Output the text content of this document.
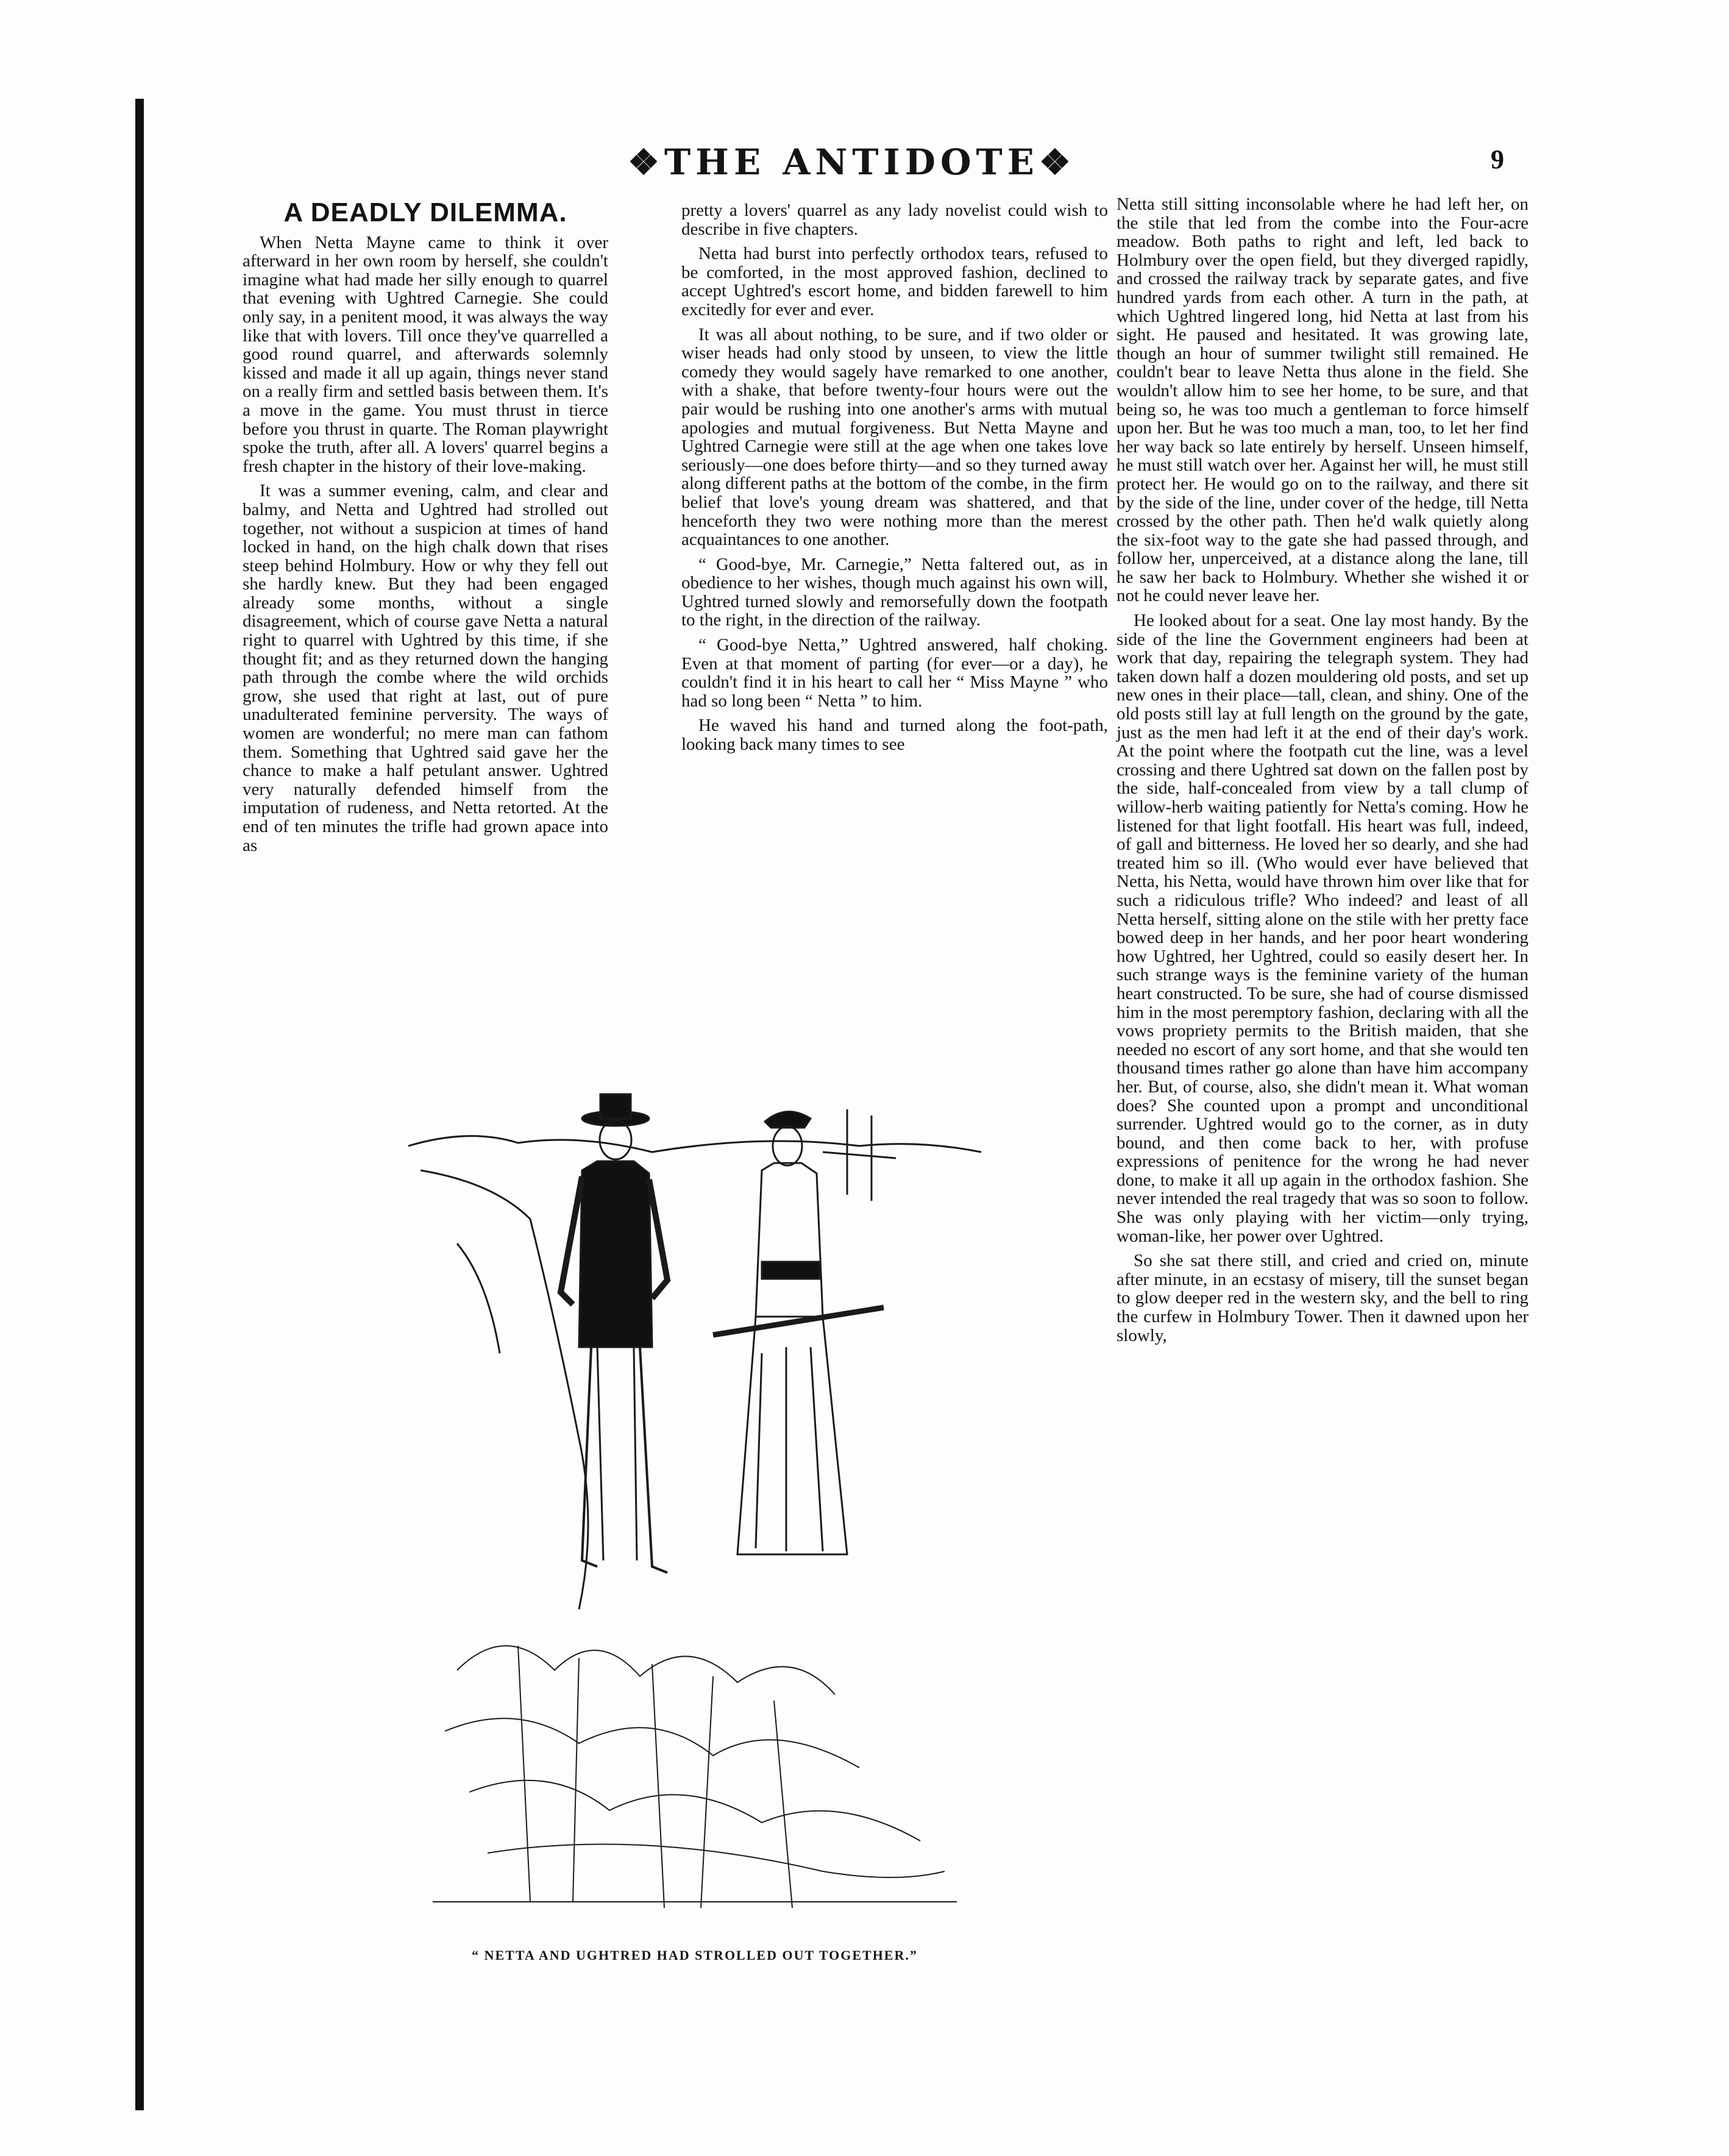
❖THE ANTIDOTE❖	9
A DEADLY DILEMMA.

When Netta Mayne came to think it over afterward in her own room by herself, she couldn't imagine what had made her silly enough to quarrel that evening with Ughtred Carnegie. She could only say, in a penitent mood, it was always the way like that with lovers. Till once they've quarrelled a good round quarrel, and afterwards solemnly kissed and made it all up again, things never stand on a really firm and settled basis between them. It's a move in the game. You must thrust in tierce before you thrust in quarte. The Roman playwright spoke the truth, after all. A lovers' quarrel begins a fresh chapter in the history of their love-making.

It was a summer evening, calm, and clear and balmy, and Netta and Ughtred had strolled out together, not without a suspicion at times of hand locked in hand, on the high chalk down that rises steep behind Holmbury. How or why they fell out she hardly knew. But they had been engaged already some months, without a single disagreement, which of course gave Netta a natural right to quarrel with Ughtred by this time, if she thought fit; and as they returned down the hanging path through the combe where the wild orchids grow, she used that right at last, out of pure unadulterated feminine perversity. The ways of women are wonderful; no mere man can fathom them. Something that Ughtred said gave her the chance to make a half petulant answer. Ughtred very naturally defended himself from the imputation of rudeness, and Netta retorted. At the end of ten minutes the trifle had grown apace into as

pretty a lovers' quarrel as any lady novelist could wish to describe in five chapters.

Netta had burst into perfectly orthodox tears, refused to be comforted, in the most approved fashion, declined to accept Ughtred's escort home, and bidden farewell to him excitedly for ever and ever.

It was all about nothing, to be sure, and if two older or wiser heads had only stood by unseen, to view the little comedy they would sagely have remarked to one another, with a shake, that before twenty-four hours were out the pair would be rushing into one another's arms with mutual apologies and mutual forgiveness. But Netta Mayne and Ughtred Carnegie were still at the age when one takes love seriously—one does before thirty—and so they turned away along different paths at the bottom of the combe, in the firm belief that love's young dream was shattered, and that henceforth they two were nothing more than the merest acquaintances to one another.

“ Good-bye, Mr. Carnegie,” Netta faltered out, as in obedience to her wishes, though much against his own will, Ughtred turned slowly and remorsefully down the footpath to the right, in the direction of the railway.

“ Good-bye Netta,” Ughtred answered, half choking. Even at that moment of parting (for ever—or a day), he couldn't find it in his heart to call her “ Miss Mayne ” who had so long been “ Netta ” to him.

He waved his hand and turned along the foot-path, looking back many times to see

Netta still sitting inconsolable where he had left her, on the stile that led from the combe into the Four-acre meadow. Both paths to right and left, led back to Holmbury over the open field, but they diverged rapidly, and crossed the railway track by separate gates, and five hundred yards from each other. A turn in the path, at which Ughtred lingered long, hid Netta at last from his sight. He paused and hesitated. It was growing late, though an hour of summer twilight still remained. He couldn't bear to leave Netta thus alone in the field. She wouldn't allow him to see her home, to be sure, and that being so, he was too much a gentleman to force himself upon her. But he was too much a man, too, to let her find her way back so late entirely by herself. Unseen himself, he must still watch over her. Against her will, he must still protect her. He would go on to the railway, and there sit by the side of the line, under cover of the hedge, till Netta crossed by the other path. Then he'd walk quietly along the six-foot way to the gate she had passed through, and follow her, unperceived, at a distance along the lane, till he saw her back to Holmbury. Whether she wished it or not he could never leave her.

He looked about for a seat. One lay most handy. By the side of the line the Government engineers had been at work that day, repairing the telegraph system. They had taken down half a dozen mouldering old posts, and set up new ones in their place—tall, clean, and shiny. One of the old posts still lay at full length on the ground by the gate, just as the men had left it at the end of their day's work. At the point where the footpath cut the line, was a level crossing and there Ughtred sat down on the fallen post by the side, half-concealed from view by a tall clump of willow-herb waiting patiently for Netta's coming. How he listened for that light footfall. His heart was full, indeed, of gall and bitterness. He loved her so dearly, and she had treated him so ill. (Who would ever have believed that Netta, his Netta, would have thrown him over like that for such a ridiculous trifle? Who indeed? and least of all Netta herself, sitting alone on the stile with her pretty face bowed deep in her hands, and her poor heart wondering how Ughtred, her Ughtred, could so easily desert her. In such strange ways is the feminine variety of the human heart constructed. To be sure, she had of course dismissed him in the most peremptory fashion, declaring with all the vows propriety permits to the British maiden, that she needed no escort of any sort home, and that she would ten thousand times rather go alone than have him accompany her. But, of course, also, she didn't mean it. What woman does? She counted upon a prompt and unconditional surrender. Ughtred would go to the corner, as in duty bound, and then come back to her, with profuse expressions of penitence for the wrong he had never done, to make it all up again in the orthodox fashion. She never intended the real tragedy that was so soon to follow. She was only playing with her victim—only trying, woman-like, her power over Ughtred.

So she sat there still, and cried and cried on, minute after minute, in an ecstasy of misery, till the sunset began to glow deeper red in the western sky, and the bell to ring the curfew in Holmbury Tower. Then it dawned upon her slowly,

“ NETTA AND UGHTRED HAD STROLLED OUT TOGETHER.”
